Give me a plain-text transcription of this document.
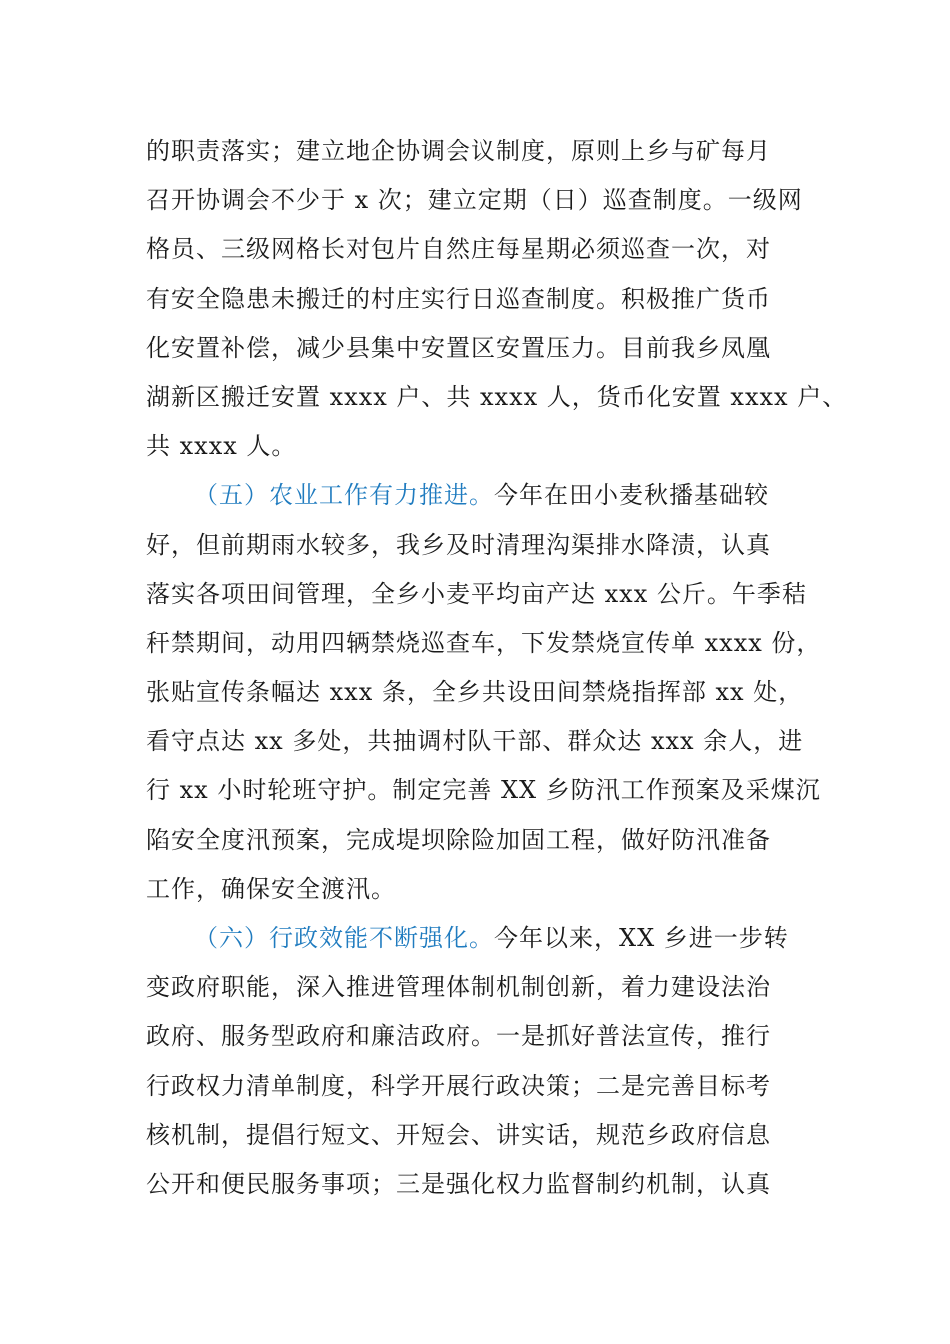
的职责落实；建立地企协调会议制度，原则上乡与矿每月
召开协调会不少于 x 次；建立定期（日）巡查制度。一级网
格员、三级网格长对包片自然庄每星期必须巡查一次，对
有安全隐患未搬迁的村庄实行日巡查制度。积极推广货币
化安置补偿，减少县集中安置区安置压力。目前我乡凤凰
湖新区搬迁安置 xxxx 户、共 xxxx 人，货币化安置 xxxx 户、
共 xxxx 人。
（五）农业工作有力推进。今年在田小麦秋播基础较
好，但前期雨水较多，我乡及时清理沟渠排水降渍，认真
落实各项田间管理，全乡小麦平均亩产达 xxx 公斤。午季秸
秆禁期间，动用四辆禁烧巡查车，下发禁烧宣传单 xxxx 份，
张贴宣传条幅达 xxx 条，全乡共设田间禁烧指挥部 xx 处，
看守点达 xx 多处，共抽调村队干部、群众达 xxx 余人，进
行 xx 小时轮班守护。制定完善 XX 乡防汛工作预案及采煤沉
陷安全度汛预案，完成堤坝除险加固工程，做好防汛准备
工作，确保安全渡汛。
（六）行政效能不断强化。今年以来，XX 乡进一步转
变政府职能，深入推进管理体制机制创新，着力建设法治
政府、服务型政府和廉洁政府。一是抓好普法宣传，推行
行政权力清单制度，科学开展行政决策；二是完善目标考
核机制，提倡行短文、开短会、讲实话，规范乡政府信息
公开和便民服务事项；三是强化权力监督制约机制，认真
